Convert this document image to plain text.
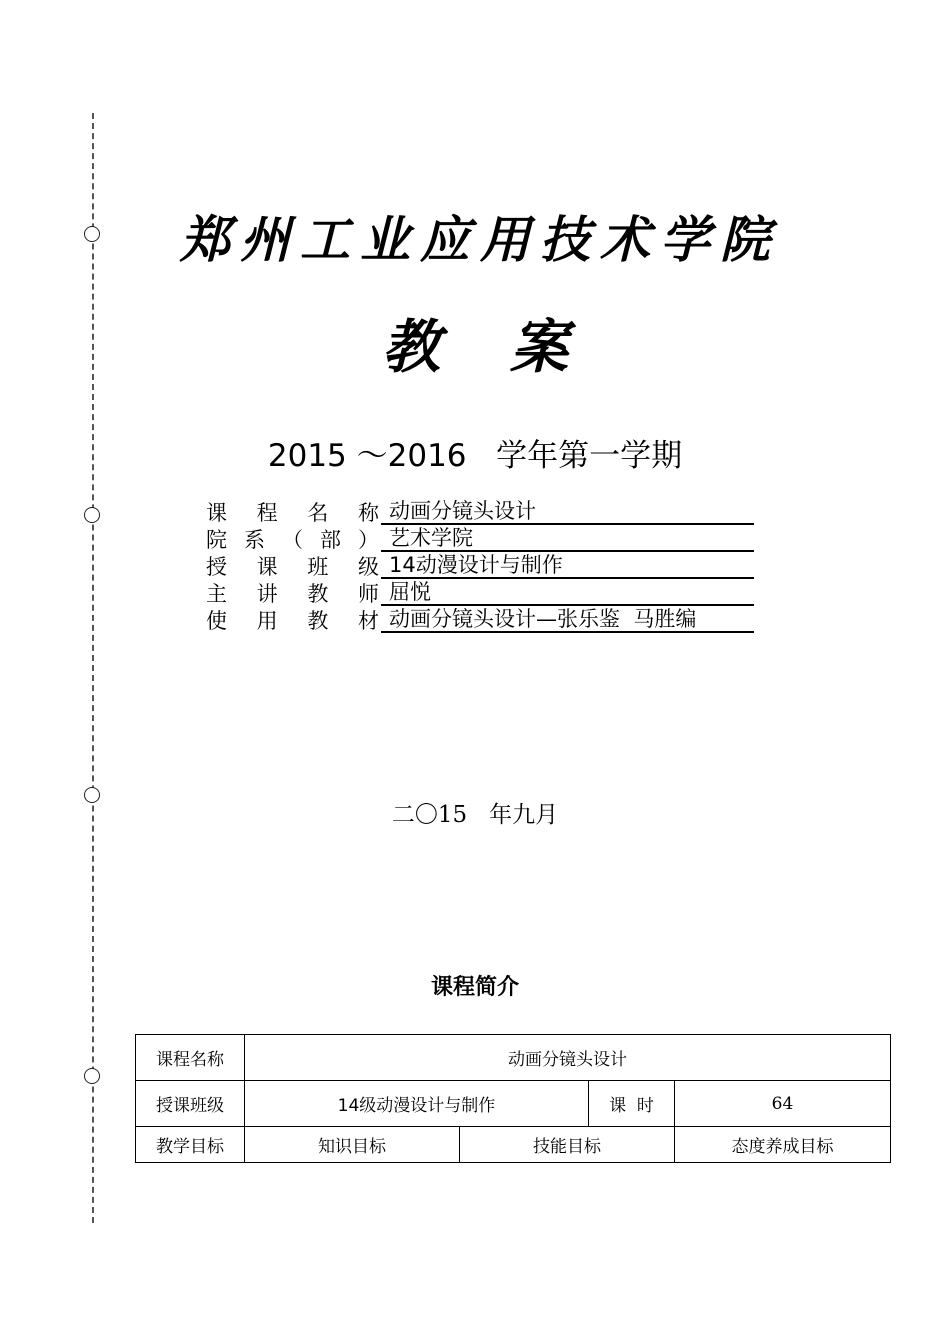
郑州工业应用技术学院
教案
2015 ～2016   学年第一学期
课 程 名 称 动画分镜头设计
院 系 （ 部 ） 艺术学院
授 课 班 级 14动漫设计与制作
主 讲 教 师 屈悦
使 用 教 材 动画分镜头设计—张乐鉴  马胜编
二〇15   年九月
课程简介
课程名称	动画分镜头设计			
授课班级	14级动漫设计与制作		课  时	64
教学目标	知识目标	技能目标		态度养成目标
